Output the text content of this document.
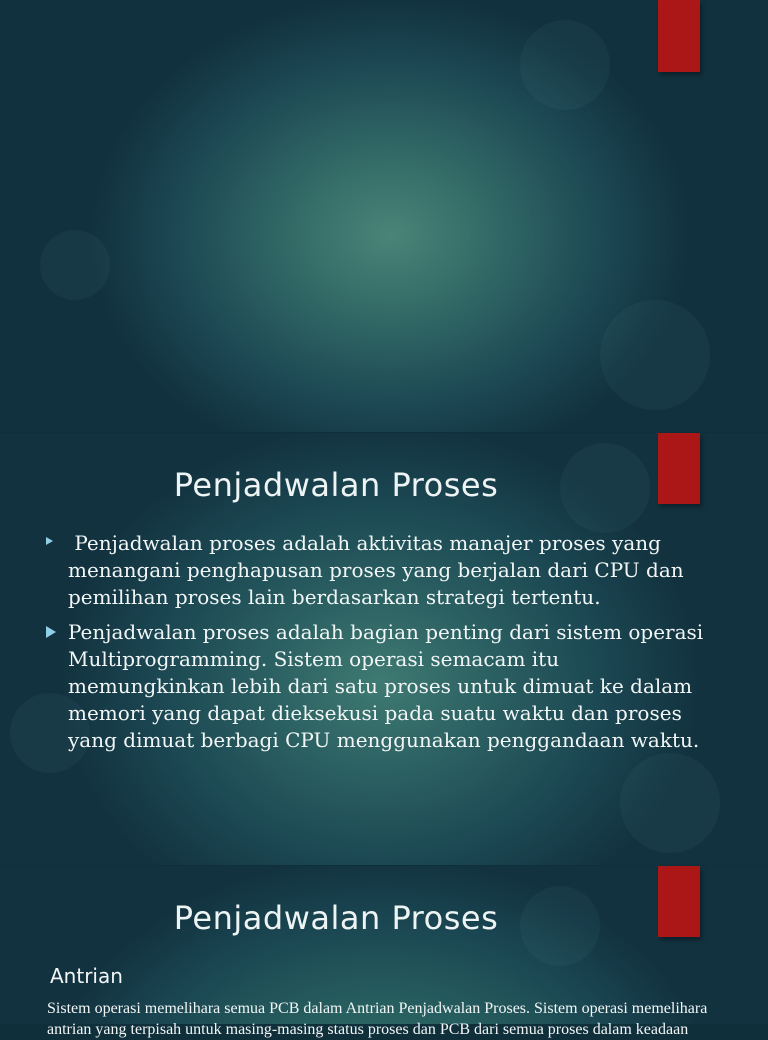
Penjadwalan Proses
Penjadwalan proses adalah aktivitas manajer proses yang menangani penghapusan proses yang berjalan dari CPU dan pemilihan proses lain berdasarkan strategi tertentu.
Penjadwalan proses adalah bagian penting dari sistem operasi Multiprogramming. Sistem operasi semacam itu memungkinkan lebih dari satu proses untuk dimuat ke dalam memori yang dapat dieksekusi pada suatu waktu dan proses yang dimuat berbagi CPU menggunakan penggandaan waktu.
Penjadwalan Proses
Antrian
Sistem operasi memelihara semua PCB dalam Antrian Penjadwalan Proses. Sistem operasi memelihara antrian yang terpisah untuk masing-masing status proses dan PCB dari semua proses dalam keadaan
